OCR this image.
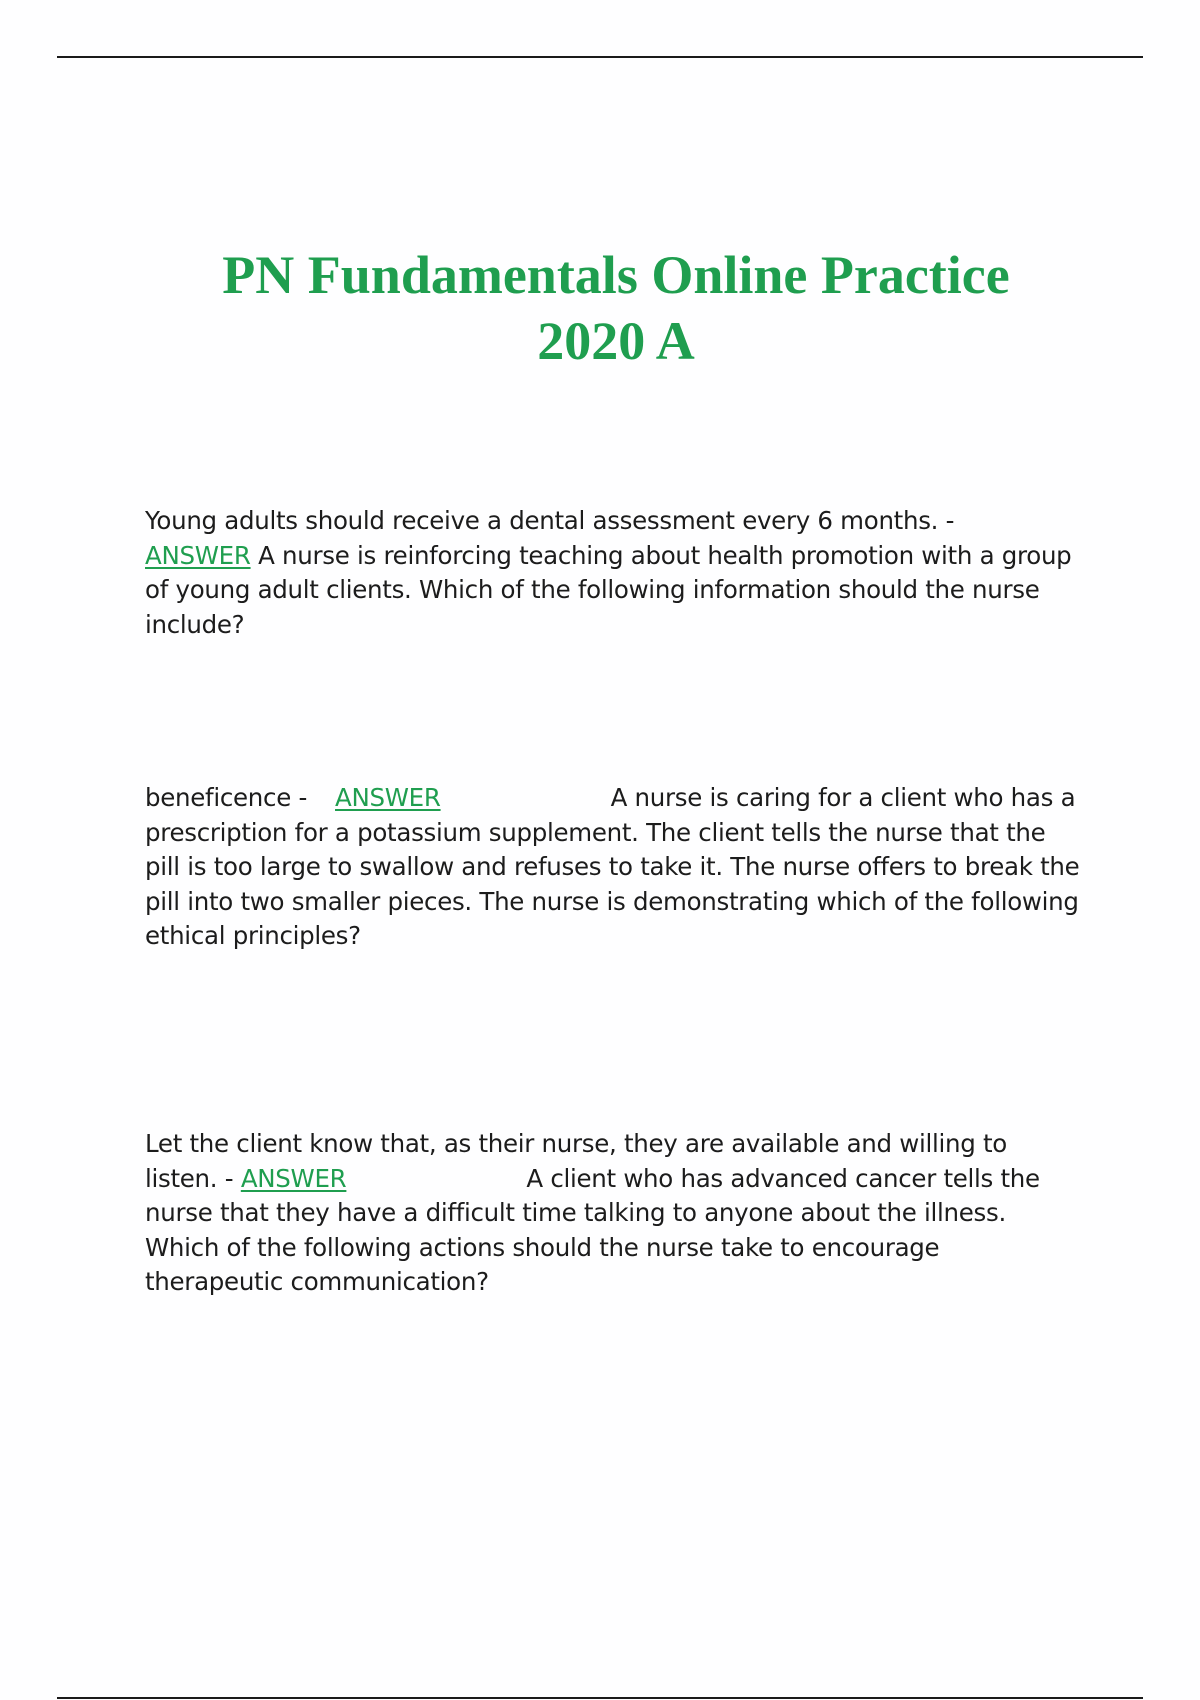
PN Fundamentals Online Practice
2020 A

Young adults should receive a dental assessment every 6 months. -ANSWER A nurse is reinforcing teaching about health promotion with a group of young adult clients. Which of the following information should the nurse include?

beneficence - ANSWER	A nurse is caring for a client who has a prescription for a potassium supplement. The client tells the nurse that the pill is too large to swallow and refuses to take it. The nurse offers to break the pill into two smaller pieces. The nurse is demonstrating which of the following ethical principles?

Let the client know that, as their nurse, they are available and willing to listen. - ANSWER	A client who has advanced cancer tells the nurse that they have a difficult time talking to anyone about the illness. Which of the following actions should the nurse take to encourage therapeutic communication?
